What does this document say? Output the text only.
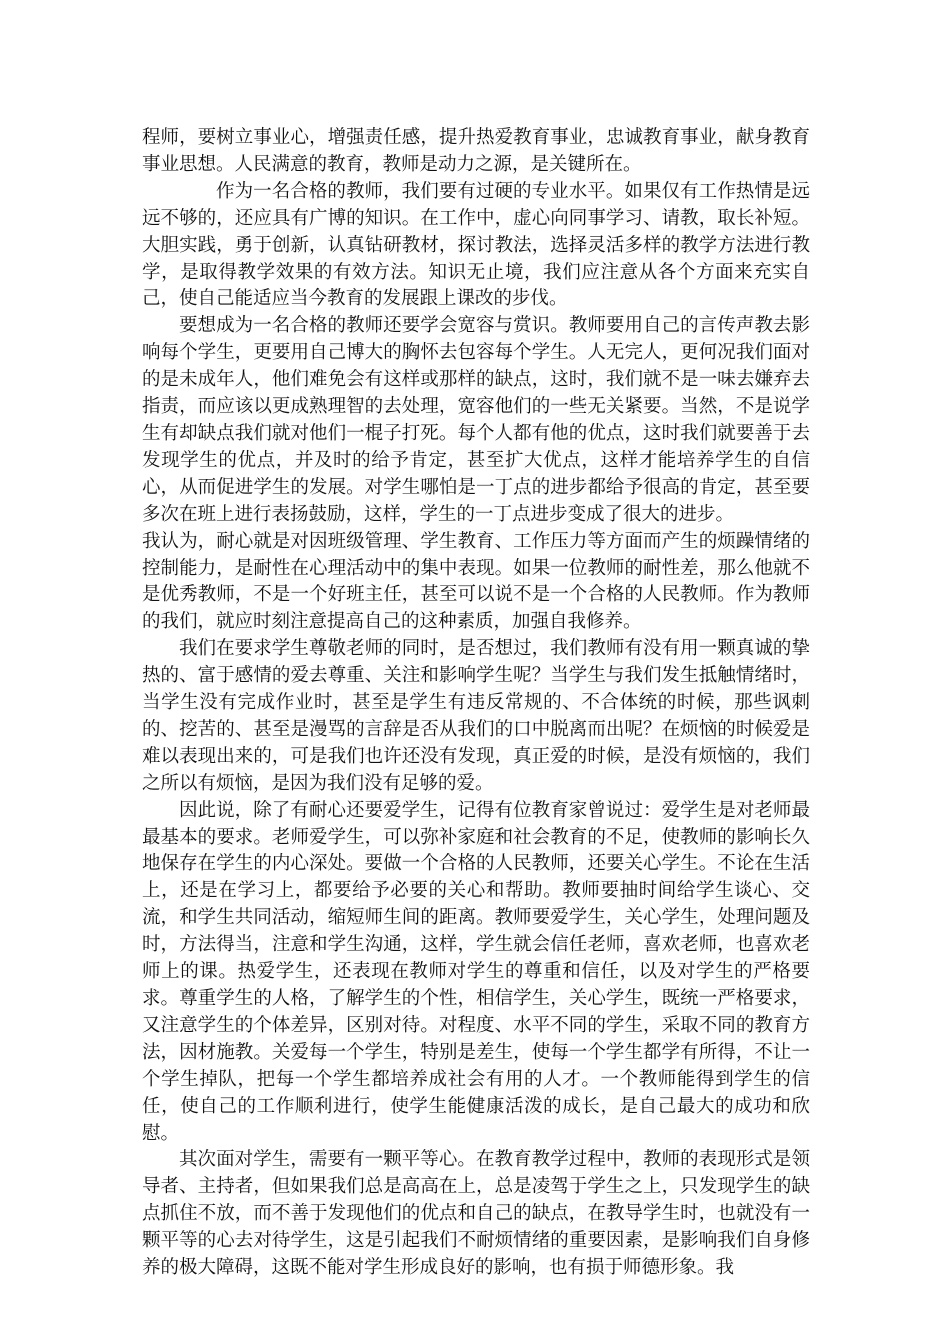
程师，要树立事业心，增强责任感，提升热爱教育事业，忠诚教育事业，献身教育事业思想。人民满意的教育，教师是动力之源，是关键所在。

作为一名合格的教师，我们要有过硬的专业水平。如果仅有工作热情是远远不够的，还应具有广博的知识。在工作中，虚心向同事学习、请教，取长补短。大胆实践，勇于创新，认真钻研教材，探讨教法，选择灵活多样的教学方法进行教学，是取得教学效果的有效方法。知识无止境，我们应注意从各个方面来充实自己，使自己能适应当今教育的发展跟上课改的步伐。

要想成为一名合格的教师还要学会宽容与赏识。教师要用自己的言传声教去影响每个学生，更要用自己博大的胸怀去包容每个学生。人无完人，更何况我们面对的是未成年人，他们难免会有这样或那样的缺点，这时，我们就不是一味去嫌弃去指责，而应该以更成熟理智的去处理，宽容他们的一些无关紧要。当然，不是说学生有却缺点我们就对他们一棍子打死。每个人都有他的优点，这时我们就要善于去发现学生的优点，并及时的给予肯定，甚至扩大优点，这样才能培养学生的自信心，从而促进学生的发展。对学生哪怕是一丁点的进步都给予很高的肯定，甚至要多次在班上进行表扬鼓励，这样，学生的一丁点进步变成了很大的进步。

我认为，耐心就是对因班级管理、学生教育、工作压力等方面而产生的烦躁情绪的控制能力，是耐性在心理活动中的集中表现。如果一位教师的耐性差，那么他就不是优秀教师，不是一个好班主任，甚至可以说不是一个合格的人民教师。作为教师的我们，就应时刻注意提高自己的这种素质，加强自我修养。

我们在要求学生尊敬老师的同时，是否想过，我们教师有没有用一颗真诚的挚热的、富于感情的爱去尊重、关注和影响学生呢？当学生与我们发生抵触情绪时，当学生没有完成作业时，甚至是学生有违反常规的、不合体统的时候，那些讽刺的、挖苦的、甚至是漫骂的言辞是否从我们的口中脱离而出呢？在烦恼的时候爱是难以表现出来的，可是我们也许还没有发现，真正爱的时候，是没有烦恼的，我们之所以有烦恼，是因为我们没有足够的爱。

因此说，除了有耐心还要爱学生，记得有位教育家曾说过：爱学生是对老师最最基本的要求。老师爱学生，可以弥补家庭和社会教育的不足，使教师的影响长久地保存在学生的内心深处。要做一个合格的人民教师，还要关心学生。不论在生活上，还是在学习上，都要给予必要的关心和帮助。教师要抽时间给学生谈心、交流，和学生共同活动，缩短师生间的距离。教师要爱学生，关心学生，处理问题及时，方法得当，注意和学生沟通，这样，学生就会信任老师，喜欢老师，也喜欢老师上的课。热爱学生，还表现在教师对学生的尊重和信任，以及对学生的严格要求。尊重学生的人格，了解学生的个性，相信学生，关心学生，既统一严格要求，又注意学生的个体差异，区别对待。对程度、水平不同的学生，采取不同的教育方法，因材施教。关爱每一个学生，特别是差生，使每一个学生都学有所得，不让一个学生掉队，把每一个学生都培养成社会有用的人才。一个教师能得到学生的信任，使自己的工作顺利进行，使学生能健康活泼的成长，是自己最大的成功和欣慰。

其次面对学生，需要有一颗平等心。在教育教学过程中，教师的表现形式是领导者、主持者，但如果我们总是高高在上，总是凌驾于学生之上，只发现学生的缺点抓住不放，而不善于发现他们的优点和自己的缺点，在教导学生时，也就没有一颗平等的心去对待学生，这是引起我们不耐烦情绪的重要因素，是影响我们自身修养的极大障碍，这既不能对学生形成良好的影响，也有损于师德形象。我
